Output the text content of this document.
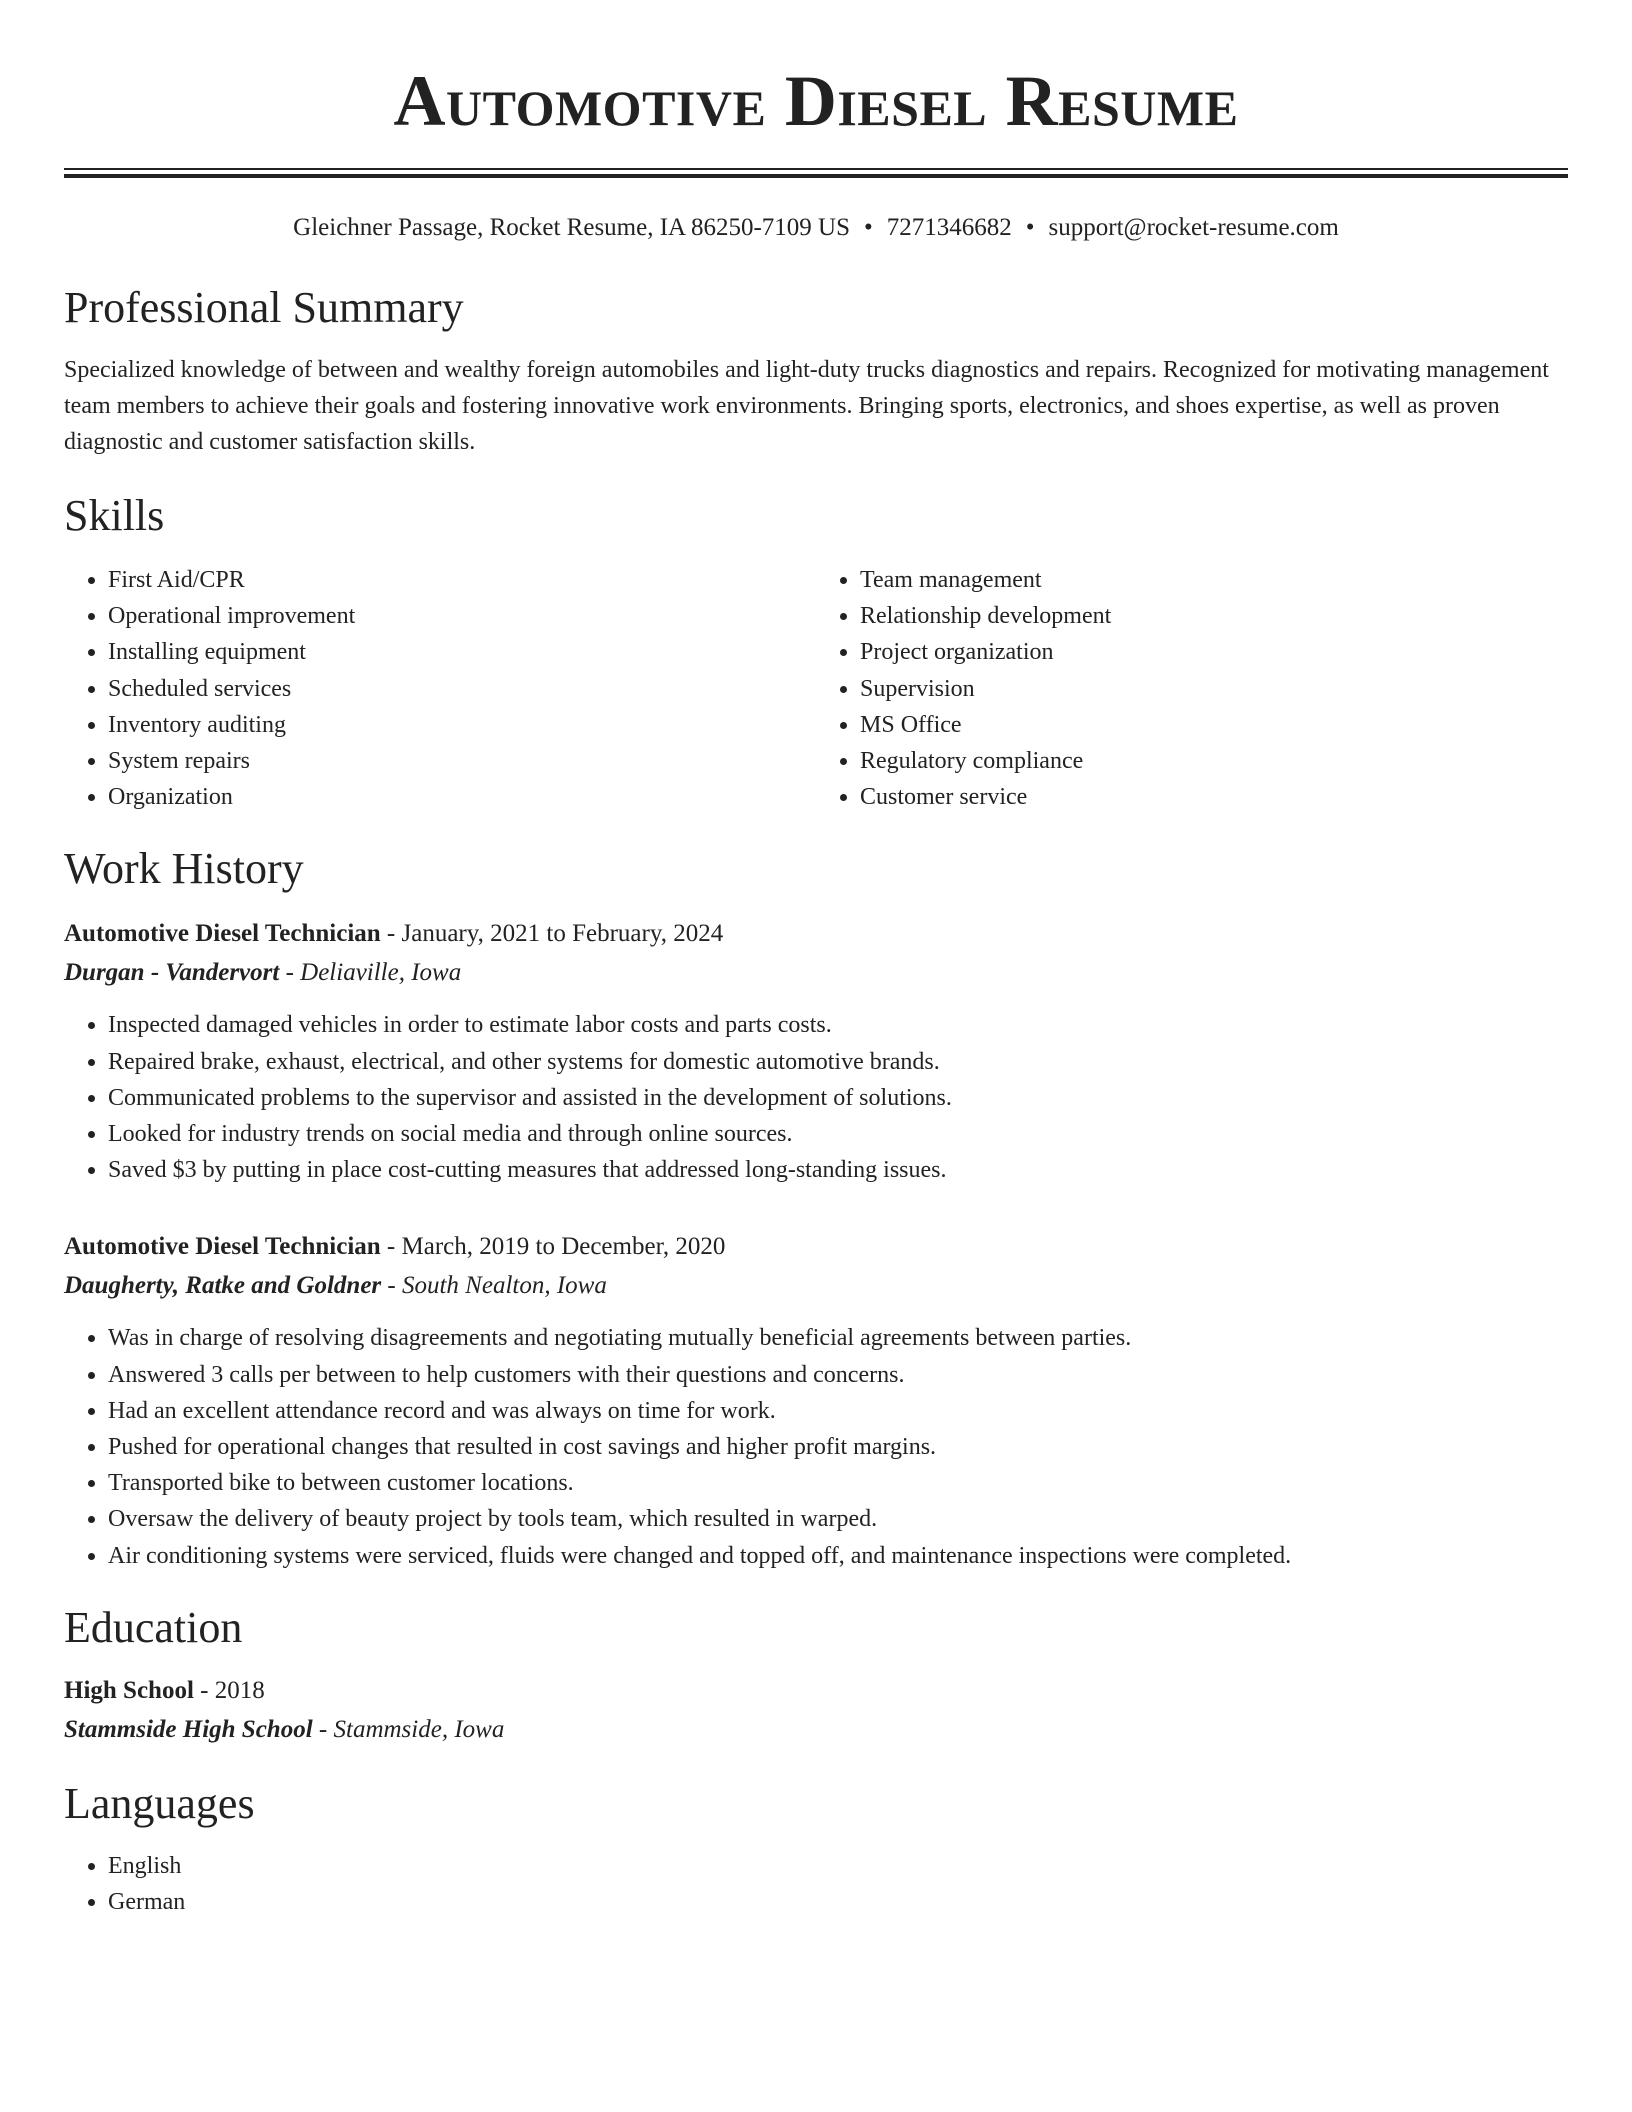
Automotive Diesel Resume
Gleichner Passage, Rocket Resume, IA 86250-7109 US • 7271346682 • support@rocket-resume.com
Professional Summary
Specialized knowledge of between and wealthy foreign automobiles and light-duty trucks diagnostics and repairs. Recognized for motivating management team members to achieve their goals and fostering innovative work environments. Bringing sports, electronics, and shoes expertise, as well as proven diagnostic and customer satisfaction skills.
Skills
• First Aid/CPR
• Operational improvement
• Installing equipment
• Scheduled services
• Inventory auditing
• System repairs
• Organization
• Team management
• Relationship development
• Project organization
• Supervision
• MS Office
• Regulatory compliance
• Customer service
Work History
Automotive Diesel Technician - January, 2021 to February, 2024
Durgan - Vandervort - Deliaville, Iowa
• Inspected damaged vehicles in order to estimate labor costs and parts costs.
• Repaired brake, exhaust, electrical, and other systems for domestic automotive brands.
• Communicated problems to the supervisor and assisted in the development of solutions.
• Looked for industry trends on social media and through online sources.
• Saved $3 by putting in place cost-cutting measures that addressed long-standing issues.
Automotive Diesel Technician - March, 2019 to December, 2020
Daugherty, Ratke and Goldner - South Nealton, Iowa
• Was in charge of resolving disagreements and negotiating mutually beneficial agreements between parties.
• Answered 3 calls per between to help customers with their questions and concerns.
• Had an excellent attendance record and was always on time for work.
• Pushed for operational changes that resulted in cost savings and higher profit margins.
• Transported bike to between customer locations.
• Oversaw the delivery of beauty project by tools team, which resulted in warped.
• Air conditioning systems were serviced, fluids were changed and topped off, and maintenance inspections were completed.
Education
High School - 2018
Stammside High School - Stammside, Iowa
Languages
• English
• German
